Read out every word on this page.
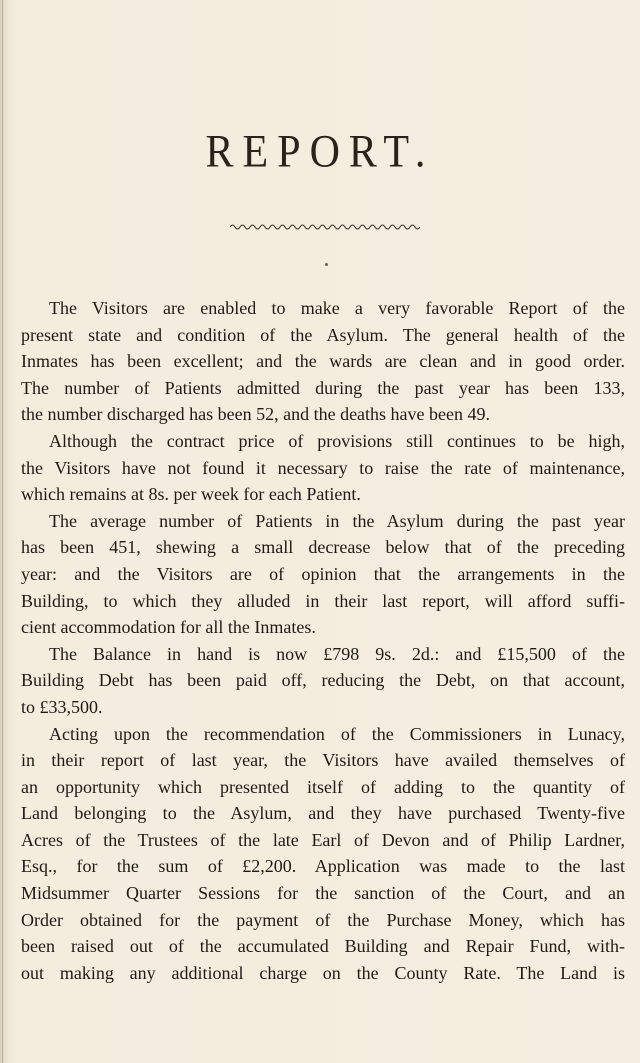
REPORT.
The Visitors are enabled to make a very favorable Report of the
present state and condition of the Asylum. The general health of the
Inmates has been excellent; and the wards are clean and in good order.
The number of Patients admitted during the past year has been 133,
the number discharged has been 52, and the deaths have been 49.
Although the contract price of provisions still continues to be high,
the Visitors have not found it necessary to raise the rate of maintenance,
which remains at 8s. per week for each Patient.
The average number of Patients in the Asylum during the past year
has been 451, shewing a small decrease below that of the preceding
year: and the Visitors are of opinion that the arrangements in the
Building, to which they alluded in their last report, will afford suffi-
cient accommodation for all the Inmates.
The Balance in hand is now £798 9s. 2d.: and £15,500 of the
Building Debt has been paid off, reducing the Debt, on that account,
to £33,500.
Acting upon the recommendation of the Commissioners in Lunacy,
in their report of last year, the Visitors have availed themselves of
an opportunity which presented itself of adding to the quantity of
Land belonging to the Asylum, and they have purchased Twenty-five
Acres of the Trustees of the late Earl of Devon and of Philip Lardner,
Esq., for the sum of £2,200. Application was made to the last
Midsummer Quarter Sessions for the sanction of the Court, and an
Order obtained for the payment of the Purchase Money, which has
been raised out of the accumulated Building and Repair Fund, with-
out making any additional charge on the County Rate. The Land is
